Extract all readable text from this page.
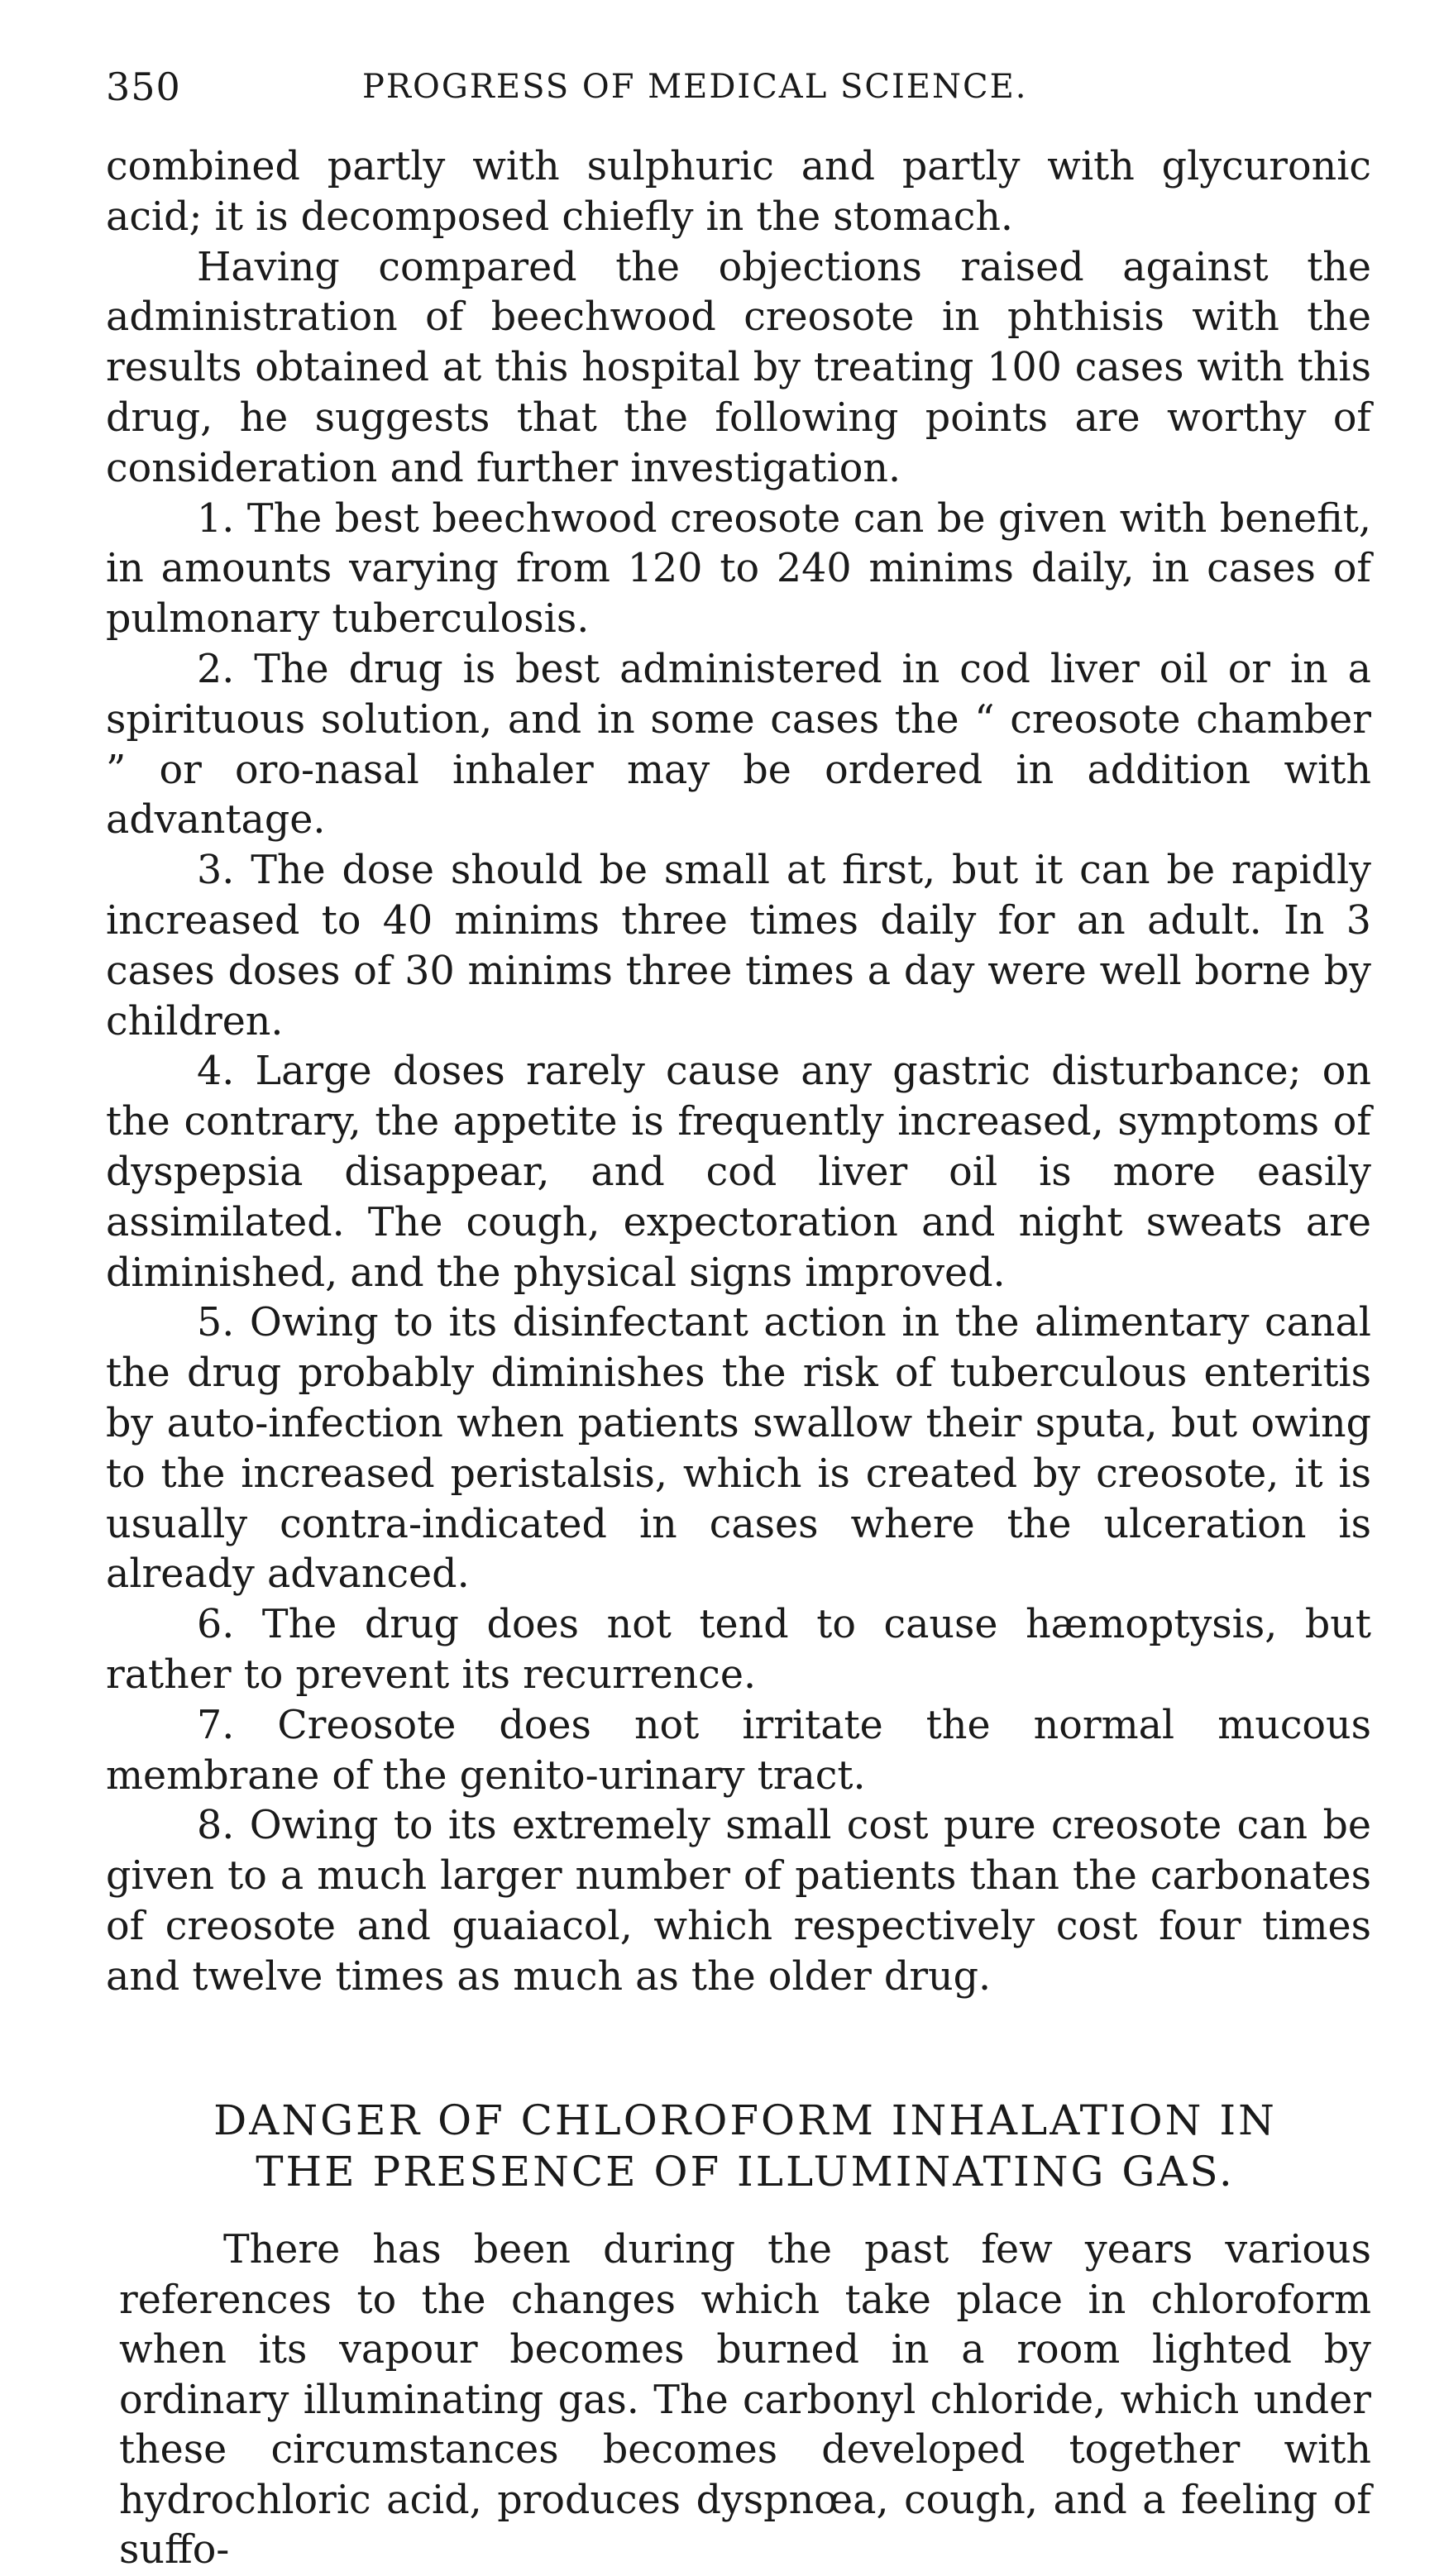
350	PROGRESS OF MEDICAL SCIENCE.

combined partly with sulphuric and partly with glycuronic acid; it is decomposed chiefly in the stomach.

Having compared the objections raised against the administration of beechwood creosote in phthisis with the results obtained at this hospital by treating 100 cases with this drug, he suggests that the following points are worthy of consideration and further investigation.

1. The best beechwood creosote can be given with benefit, in amounts varying from 120 to 240 minims daily, in cases of pulmonary tuberculosis.

2. The drug is best administered in cod liver oil or in a spirituous solution, and in some cases the “ creosote chamber ” or oro-nasal inhaler may be ordered in addition with advantage.

3. The dose should be small at first, but it can be rapidly increased to 40 minims three times daily for an adult. In 3 cases doses of 30 minims three times a day were well borne by children.

4. Large doses rarely cause any gastric disturbance; on the contrary, the appetite is frequently increased, symptoms of dyspepsia disappear, and cod liver oil is more easily assimilated. The cough, expectoration and night sweats are diminished, and the physical signs improved.

5. Owing to its disinfectant action in the alimentary canal the drug probably diminishes the risk of tuberculous enteritis by auto-infection when patients swallow their sputa, but owing to the increased peristalsis, which is created by creosote, it is usually contra-indicated in cases where the ulceration is already advanced.

6. The drug does not tend to cause hæmoptysis, but rather to prevent its recurrence.

7. Creosote does not irritate the normal mucous membrane of the genito-urinary tract.

8. Owing to its extremely small cost pure creosote can be given to a much larger number of patients than the carbonates of creosote and guaiacol, which respectively cost four times and twelve times as much as the older drug.

DANGER OF CHLOROFORM INHALATION IN
THE PRESENCE OF ILLUMINATING GAS.

There has been during the past few years various references to the changes which take place in chloroform when its vapour becomes burned in a room lighted by ordinary illuminating gas. The carbonyl chloride, which under these circumstances becomes developed together with hydrochloric acid, produces dyspnœa, cough, and a feeling of suffo-
